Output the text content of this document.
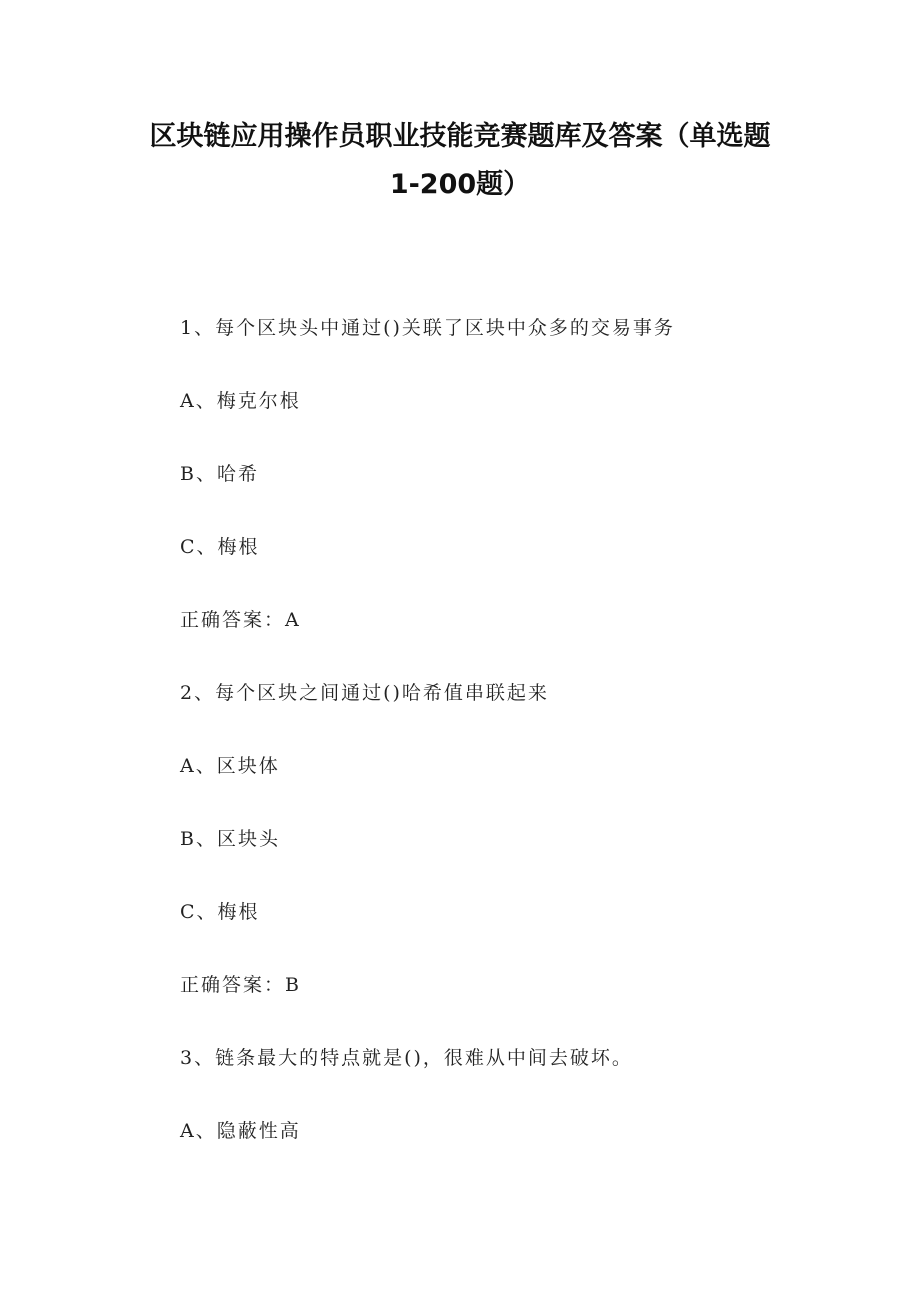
区块链应用操作员职业技能竞赛题库及答案（单选题
1-200题）
1、每个区块头中通过()关联了区块中众多的交易事务
A、梅克尔根
B、哈希
C、梅根
正确答案：A
2、每个区块之间通过()哈希值串联起来
A、区块体
B、区块头
C、梅根
正确答案：B
3、链条最大的特点就是()，很难从中间去破坏。
A、隐蔽性高
